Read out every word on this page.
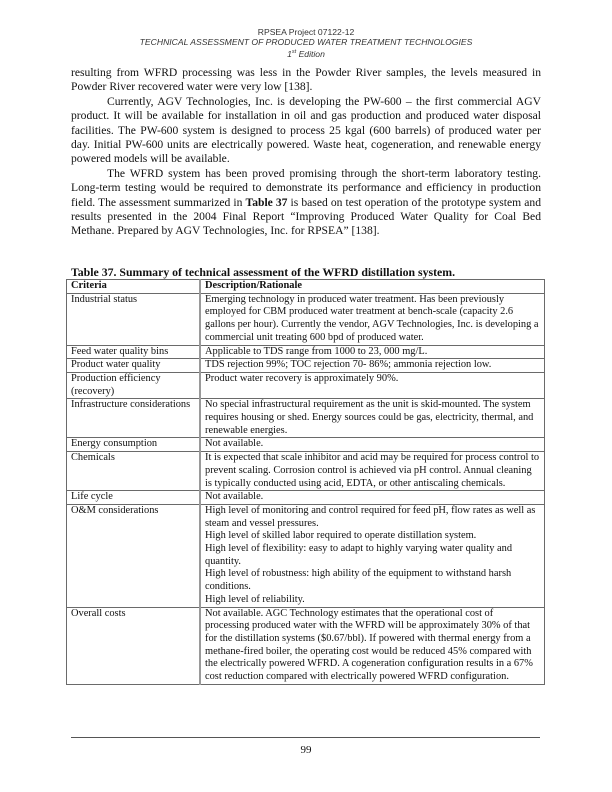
RPSEA Project 07122-12
TECHNICAL ASSESSMENT OF PRODUCED WATER TREATMENT TECHNOLOGIES
1st Edition

resulting from WFRD processing was less in the Powder River samples, the levels measured in Powder River recovered water were very low [138].

Currently, AGV Technologies, Inc. is developing the PW-600 – the first commercial AGV product. It will be available for installation in oil and gas production and produced water disposal facilities. The PW-600 system is designed to process 25 kgal (600 barrels) of produced water per day. Initial PW-600 units are electrically powered. Waste heat, cogeneration, and renewable energy powered models will be available.

The WFRD system has been proved promising through the short-term laboratory testing. Long-term testing would be required to demonstrate its performance and efficiency in production field. The assessment summarized in Table 37 is based on test operation of the prototype system and results presented in the 2004 Final Report “Improving Produced Water Quality for Coal Bed Methane. Prepared by AGV Technologies, Inc. for RPSEA” [138].

Table 37. Summary of technical assessment of the WFRD distillation system.
Criteria	Description/Rationale
Industrial status	Emerging technology in produced water treatment. Has been previously employed for CBM produced water treatment at bench-scale (capacity 2.6 gallons per hour). Currently the vendor, AGV Technologies, Inc. is developing a commercial unit treating 600 bpd of produced water.

Feed water quality bins	Applicable to TDS range from 1000 to 23, 000 mg/L.

Product water quality	TDS rejection 99%; TOC rejection 70- 86%; ammonia rejection low.

Production efficiency (recovery)	Product water recovery is approximately 90%.

Infrastructure considerations	No special infrastructural requirement as the unit is skid-mounted. The system requires housing or shed. Energy sources could be gas, electricity, thermal, and renewable energies.

Energy consumption	Not available.

Chemicals	It is expected that scale inhibitor and acid may be required for process control to prevent scaling. Corrosion control is achieved via pH control. Annual cleaning is typically conducted using acid, EDTA, or other antiscaling chemicals.

Life cycle	Not available.

O&M considerations	High level of monitoring and control required for feed pH, flow rates as well as steam and vessel pressures.
High level of skilled labor required to operate distillation system.
High level of flexibility: easy to adapt to highly varying water quality and quantity.
High level of robustness: high ability of the equipment to withstand harsh conditions.
High level of reliability.

Overall costs	Not available. AGC Technology estimates that the operational cost of processing produced water with the WFRD will be approximately 30% of that for the distillation systems ($0.67/bbl). If powered with thermal energy from a methane-fired boiler, the operating cost would be reduced 45% compared with the electrically powered WFRD. A cogeneration configuration results in a 67% cost reduction compared with electrically powered WFRD configuration.
99
